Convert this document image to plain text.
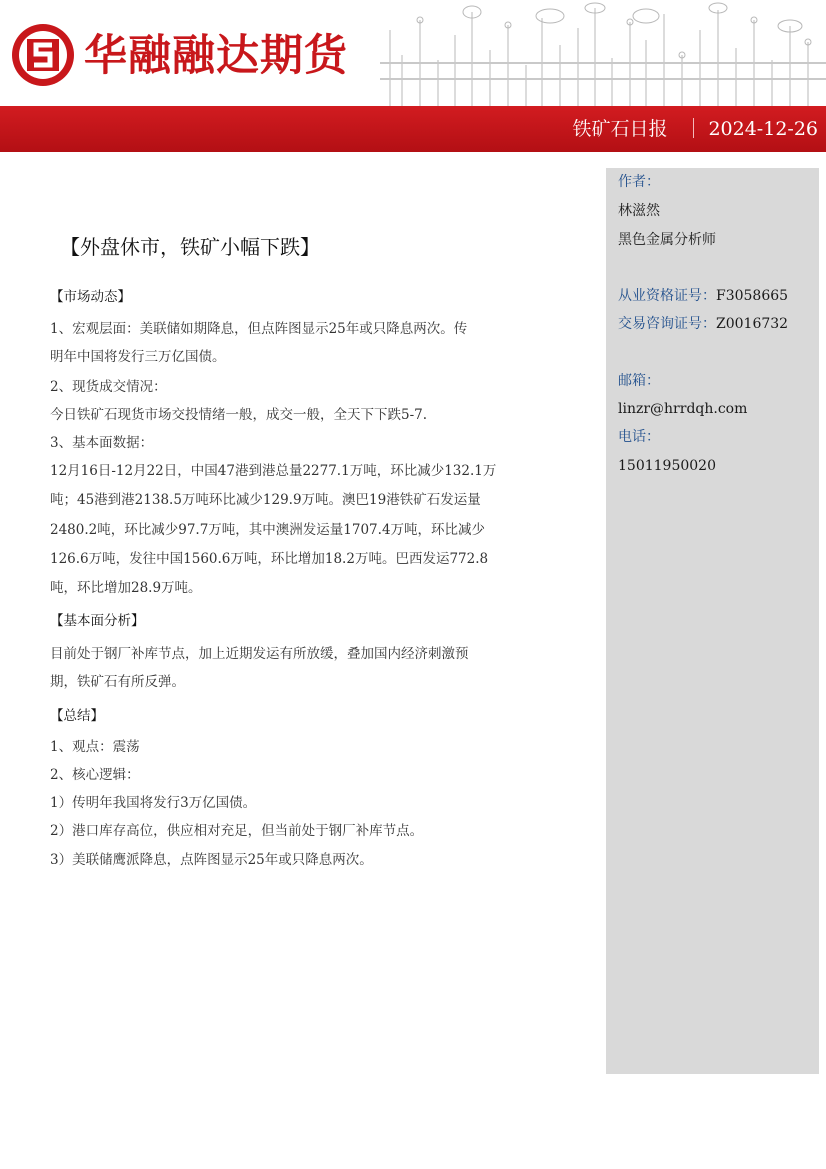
华融融达期货
铁矿石日报 2024-12-26
作者：
林滋然
黑色金属分析师
从业资格证号：F3058665
交易咨询证号：Z0016732
邮箱：
linzr@hrrdqh.com
电话：
15011950020
【外盘休市，铁矿小幅下跌】

【市场动态】

1、宏观层面：美联储如期降息，但点阵图显示25年或只降息两次。传

明年中国将发行三万亿国债。

2、现货成交情况：

今日铁矿石现货市场交投情绪一般，成交一般，全天下下跌5-7.

3、基本面数据：

12月16日-12月22日，中国47港到港总量2277.1万吨，环比减少132.1万

吨；45港到港2138.5万吨环比减少129.9万吨。澳巴19港铁矿石发运量

2480.2吨，环比减少97.7万吨，其中澳洲发运量1707.4万吨，环比减少

126.6万吨，发往中国1560.6万吨，环比增加18.2万吨。巴西发运772.8

吨，环比增加28.9万吨。

【基本面分析】

目前处于钢厂补库节点，加上近期发运有所放缓，叠加国内经济刺激预

期，铁矿石有所反弹。

【总结】

1、观点：震荡

2、核心逻辑：

1）传明年我国将发行3万亿国债。

2）港口库存高位，供应相对充足，但当前处于钢厂补库节点。

3）美联储鹰派降息，点阵图显示25年或只降息两次。
